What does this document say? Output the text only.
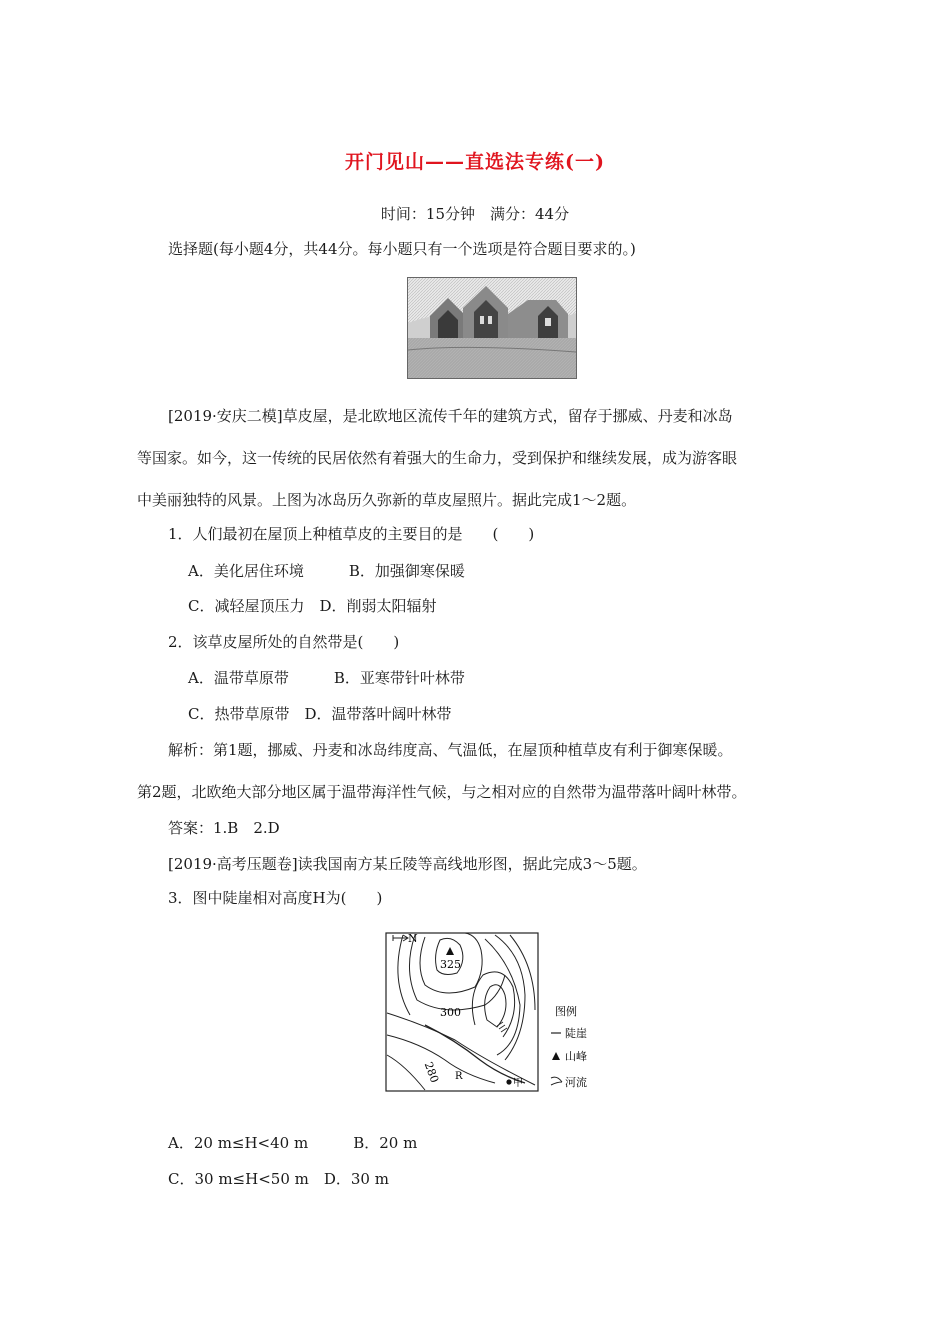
开门见山——直选法专练(一)
时间：15分钟　满分：44分
选择题(每小题4分，共44分。每小题只有一个选项是符合题目要求的。)
[2019·安庆二模]草皮屋，是北欧地区流传千年的建筑方式，留存于挪威、丹麦和冰岛
等国家。如今，这一传统的民居依然有着强大的生命力，受到保护和继续发展，成为游客眼
中美丽独特的风景。上图为冰岛历久弥新的草皮屋照片。据此完成1～2题。
1．人们最初在屋顶上种植草皮的主要目的是　　(　　)
A．美化居住环境　　　B．加强御寒保暖
C．减轻屋顶压力　D．削弱太阳辐射
2．该草皮屋所处的自然带是(　　)
A．温带草原带　　　B．亚寒带针叶林带
C．热带草原带　D．温带落叶阔叶林带
解析：第1题，挪威、丹麦和冰岛纬度高、气温低，在屋顶种植草皮有利于御寒保暖。
第2题，北欧绝大部分地区属于温带海洋性气候，与之相对应的自然带为温带落叶阔叶林带。
答案：1.B　2.D
[2019·高考压题卷]读我国南方某丘陵等高线地形图，据此完成3～5题。
3．图中陡崖相对高度H为(　　)
N
325
300
280 R
甲
图例
陡崖
山峰
河流
A．20 m≤H<40 m　　　B．20 m
C．30 m≤H<50 m　D．30 m
